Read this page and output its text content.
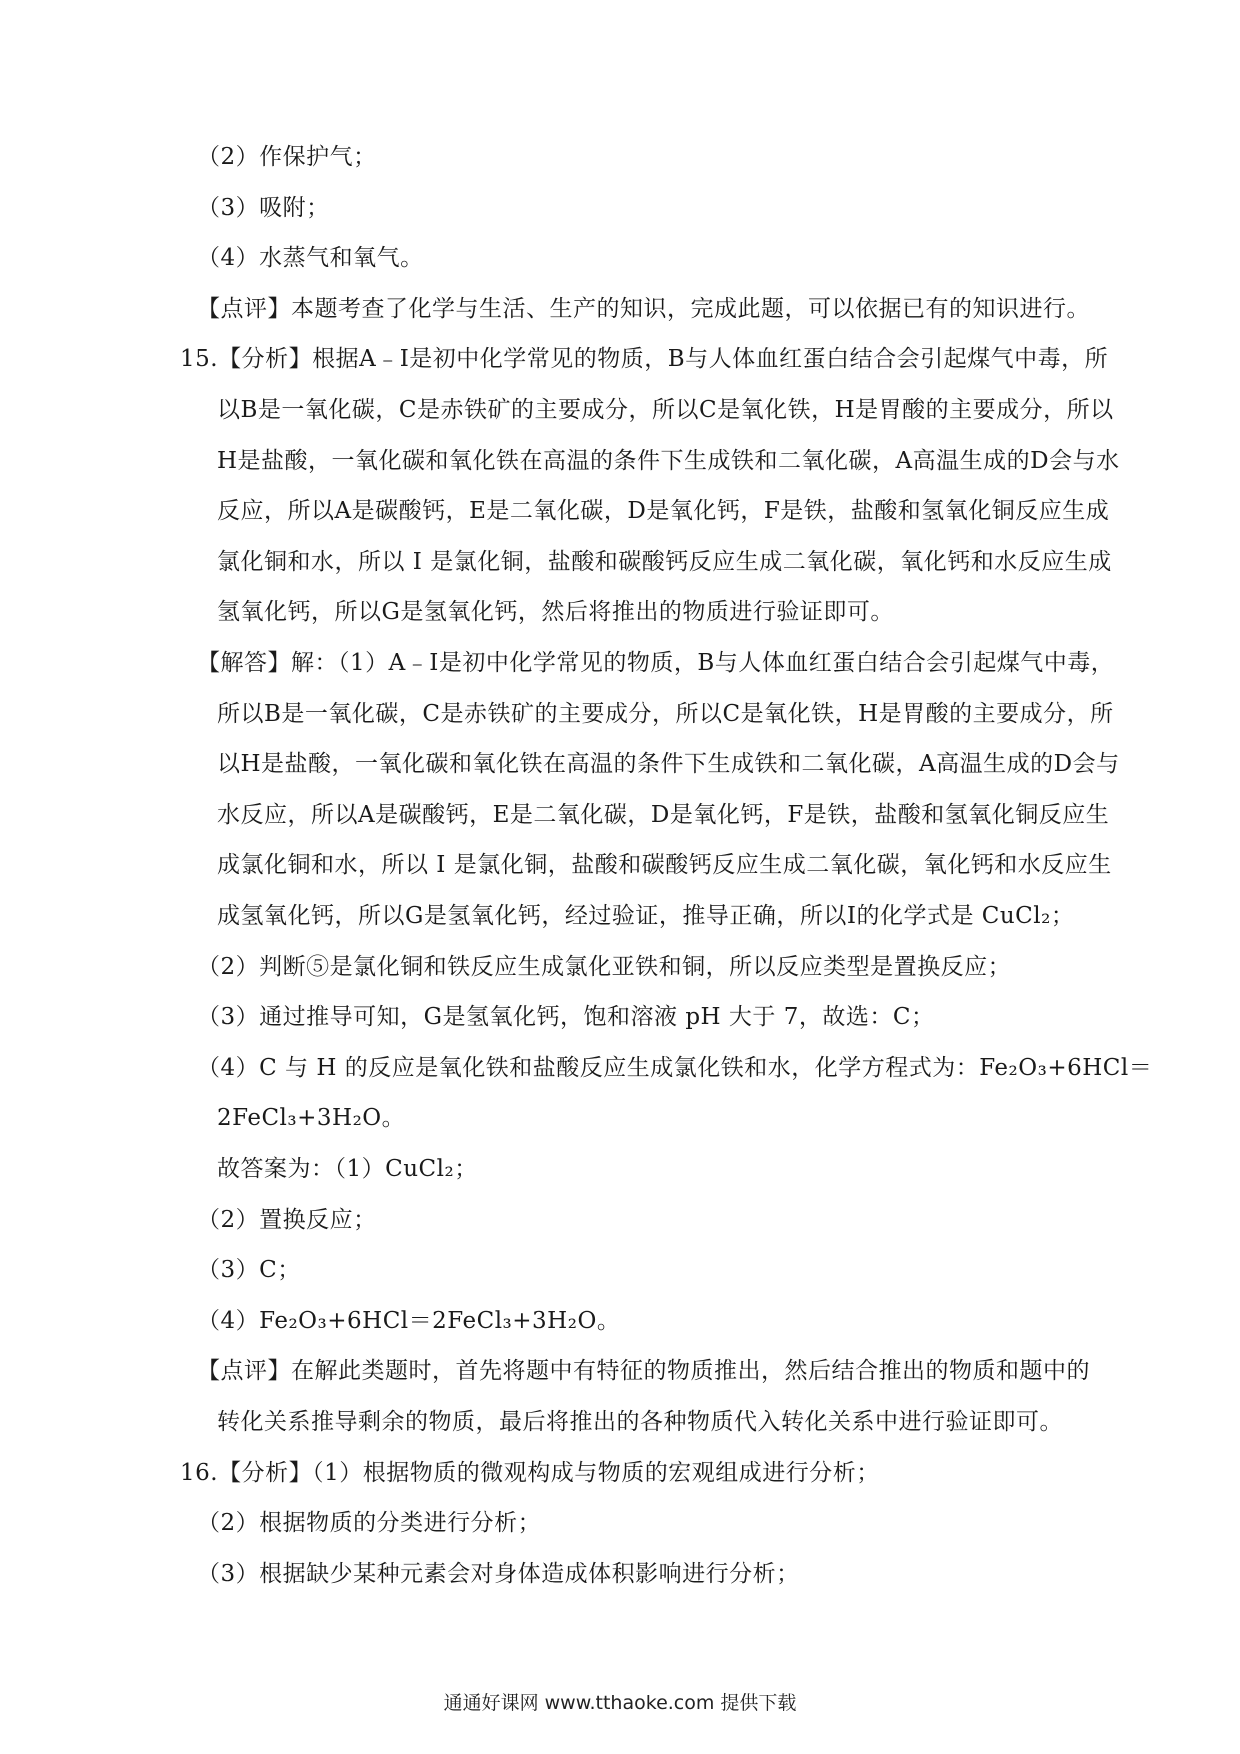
（2）作保护气；
（3）吸附；
（4）水蒸气和氧气。
【点评】本题考查了化学与生活、生产的知识，完成此题，可以依据已有的知识进行。
15.【分析】根据A﹣I是初中化学常见的物质，B与人体血红蛋白结合会引起煤气中毒，所
以B是一氧化碳，C是赤铁矿的主要成分，所以C是氧化铁，H是胃酸的主要成分，所以
H是盐酸，一氧化碳和氧化铁在高温的条件下生成铁和二氧化碳，A高温生成的D会与水
反应，所以A是碳酸钙，E是二氧化碳，D是氧化钙，F是铁，盐酸和氢氧化铜反应生成
氯化铜和水，所以 I 是氯化铜，盐酸和碳酸钙反应生成二氧化碳，氧化钙和水反应生成
氢氧化钙，所以G是氢氧化钙，然后将推出的物质进行验证即可。
【解答】解：（1）A﹣I是初中化学常见的物质，B与人体血红蛋白结合会引起煤气中毒，
所以B是一氧化碳，C是赤铁矿的主要成分，所以C是氧化铁，H是胃酸的主要成分，所
以H是盐酸，一氧化碳和氧化铁在高温的条件下生成铁和二氧化碳，A高温生成的D会与
水反应，所以A是碳酸钙，E是二氧化碳，D是氧化钙，F是铁，盐酸和氢氧化铜反应生
成氯化铜和水，所以 I 是氯化铜，盐酸和碳酸钙反应生成二氧化碳，氧化钙和水反应生
成氢氧化钙，所以G是氢氧化钙，经过验证，推导正确，所以I的化学式是 CuCl₂；
（2）判断⑤是氯化铜和铁反应生成氯化亚铁和铜，所以反应类型是置换反应；
（3）通过推导可知，G是氢氧化钙，饱和溶液 pH 大于 7，故选：C；
（4）C 与 H 的反应是氧化铁和盐酸反应生成氯化铁和水，化学方程式为：Fe₂O₃+6HCl＝
2FeCl₃+3H₂O。
故答案为：（1）CuCl₂；
（2）置换反应；
（3）C；
（4）Fe₂O₃+6HCl＝2FeCl₃+3H₂O。
【点评】在解此类题时，首先将题中有特征的物质推出，然后结合推出的物质和题中的
转化关系推导剩余的物质，最后将推出的各种物质代入转化关系中进行验证即可。
16.【分析】（1）根据物质的微观构成与物质的宏观组成进行分析；
（2）根据物质的分类进行分析；
（3）根据缺少某种元素会对身体造成体积影响进行分析；
通通好课网 www.tthaoke.com 提供下载
